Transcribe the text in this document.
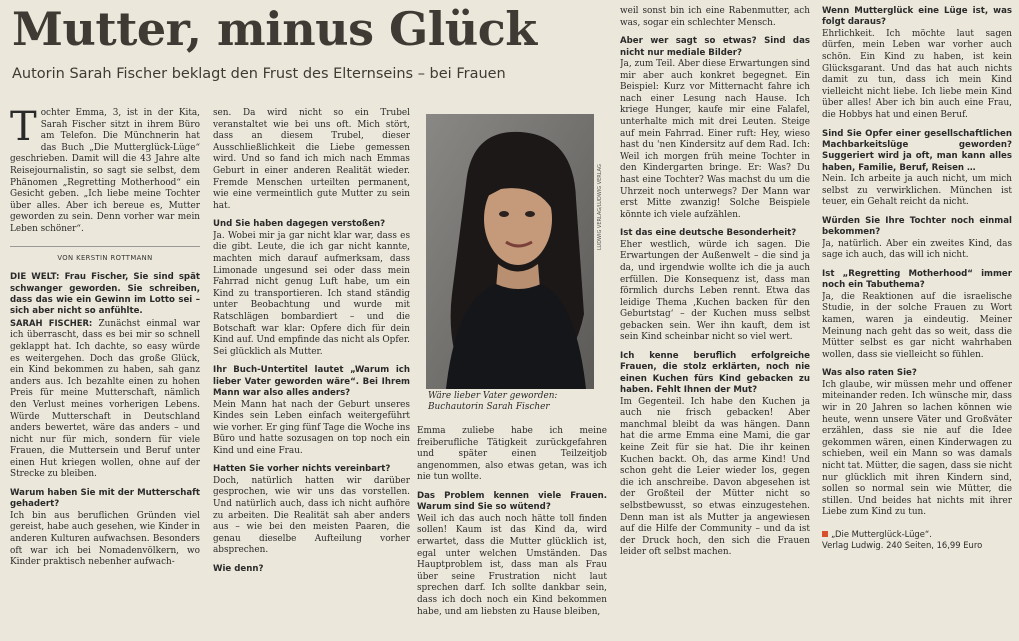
Mutter, minus Glück
Autorin Sarah Fischer beklagt den Frust des Elternseins – bei Frauen

Tochter Emma, 3, ist in der Kita, Sarah Fischer sitzt in ihrem Büro am Telefon. Die Münchnerin hat das Buch „Die Mutterglück-Lüge“ geschrieben. Damit will die 43 Jahre alte Reisejournalistin, so sagt sie selbst, dem Phänomen „Regretting Motherhood“ ein Gesicht geben. „Ich liebe meine Tochter über alles. Aber ich bereue es, Mutter geworden zu sein. Denn vorher war mein Leben schöner“.

VON KERSTIN ROTTMANN

DIE WELT: Frau Fischer, Sie sind spät schwanger geworden. Sie schreiben, dass das wie ein Gewinn im Lotto sei – sich aber nicht so anfühlte.

SARAH FISCHER: Zunächst einmal war ich überrascht, dass es bei mir so schnell geklappt hat. Ich dachte, so easy würde es weitergehen. Doch das große Glück, ein Kind bekommen zu haben, sah ganz anders aus. Ich bezahlte einen zu hohen Preis für meine Mutterschaft, nämlich den Verlust meines vorherigen Lebens. Würde Mutterschaft in Deutschland anders bewertet, wäre das anders – und nicht nur für mich, sondern für viele Frauen, die Muttersein und Beruf unter einen Hut kriegen wollen, ohne auf der Strecke zu bleiben.

Warum haben Sie mit der Mutterschaft gehadert?

Ich bin aus beruflichen Gründen viel gereist, habe auch gesehen, wie Kinder in anderen Kulturen aufwachsen. Besonders oft war ich bei Nomadenvölkern, wo Kinder praktisch nebenher aufwach-

sen. Da wird nicht so ein Trubel veranstaltet wie bei uns oft. Mich stört, dass an diesem Trubel, dieser Ausschließlichkeit die Liebe gemessen wird. Und so fand ich mich nach Emmas Geburt in einer anderen Realität wieder. Fremde Menschen urteilten permanent, wie eine vermeintlich gute Mutter zu sein hat.

Und Sie haben dagegen verstoßen?

Ja. Wobei mir ja gar nicht klar war, dass es die gibt. Leute, die ich gar nicht kannte, machten mich darauf aufmerksam, dass Limonade ungesund sei oder dass mein Fahrrad nicht genug Luft habe, um ein Kind zu transportieren. Ich stand ständig unter Beobachtung und wurde mit Ratschlägen bombardiert – und die Botschaft war klar: Opfere dich für dein Kind auf. Und empfinde das nicht als Opfer. Sei glücklich als Mutter.

Ihr Buch-Untertitel lautet „Warum ich lieber Vater geworden wäre“. Bei Ihrem Mann war also alles anders?

Mein Mann hat nach der Geburt unseres Kindes sein Leben einfach weitergeführt wie vorher. Er ging fünf Tage die Woche ins Büro und hatte sozusagen on top noch ein Kind und eine Frau.

Hatten Sie vorher nichts vereinbart?

Doch, natürlich hatten wir darüber gesprochen, wie wir uns das vorstellen. Und natürlich auch, dass ich nicht aufhöre zu arbeiten. Die Realität sah aber anders aus – wie bei den meisten Paaren, die genau dieselbe Aufteilung vorher absprechen.

Wie denn?

LUDWIG VERLAG/LUDWIG VERLAG
Wäre lieber Vater geworden: Buchautorin Sarah Fischer

Emma zuliebe habe ich meine freiberufliche Tätigkeit zurückgefahren und später einen Teilzeitjob angenommen, also etwas getan, was ich nie tun wollte.

Das Problem kennen viele Frauen. Warum sind Sie so wütend?

Weil ich das auch noch hätte toll finden sollen! Kaum ist das Kind da, wird erwartet, dass die Mutter glücklich ist, egal unter welchen Umständen. Das Hauptproblem ist, dass man als Frau über seine Frustration nicht laut sprechen darf. Ich sollte dankbar sein, dass ich doch noch ein Kind bekommen habe, und am liebsten zu Hause bleiben,

weil sonst bin ich eine Rabenmutter, ach was, sogar ein schlechter Mensch.

Aber wer sagt so etwas? Sind das nicht nur mediale Bilder?

Ja, zum Teil. Aber diese Erwartungen sind mir aber auch konkret begegnet. Ein Beispiel: Kurz vor Mitternacht fahre ich nach einer Lesung nach Hause. Ich kriege Hunger, kaufe mir eine Falafel, unterhalte mich mit drei Leuten. Steige auf mein Fahrrad. Einer ruft: Hey, wieso hast du 'nen Kindersitz auf dem Rad. Ich: Weil ich morgen früh meine Tochter in den Kindergarten bringe. Er: Was? Du hast eine Tochter? Was machst du um die Uhrzeit noch unterwegs? Der Mann war erst Mitte zwanzig! Solche Beispiele könnte ich viele aufzählen.

Ist das eine deutsche Besonderheit?

Eher westlich, würde ich sagen. Die Erwartungen der Außenwelt – die sind ja da, und irgendwie wollte ich die ja auch erfüllen. Die Konsequenz ist, dass man förmlich durchs Leben rennt. Etwa das leidige Thema ‚Kuchen backen für den Geburtstag‘ – der Kuchen muss selbst gebacken sein. Wer ihn kauft, dem ist sein Kind scheinbar nicht so viel wert.

Ich kenne beruflich erfolgreiche Frauen, die stolz erklärten, noch nie einen Kuchen fürs Kind gebacken zu haben. Fehlt Ihnen der Mut?

Im Gegenteil. Ich habe den Kuchen ja auch nie frisch gebacken! Aber manchmal bleibt da was hängen. Dann hat die arme Emma eine Mami, die gar keine Zeit für sie hat. Die ihr keinen Kuchen backt. Oh, das arme Kind! Und schon geht die Leier wieder los, gegen die ich anschreibe. Davon abgesehen ist der Großteil der Mütter nicht so selbstbewusst, so etwas einzugestehen. Denn man ist als Mutter ja angewiesen auf die Hilfe der Community – und da ist der Druck hoch, den sich die Frauen leider oft selbst machen.

Wenn Mutterglück eine Lüge ist, was folgt daraus?

Ehrlichkeit. Ich möchte laut sagen dürfen, mein Leben war vorher auch schön. Ein Kind zu haben, ist kein Glücksgarant. Und das hat auch nichts damit zu tun, dass ich mein Kind vielleicht nicht liebe. Ich liebe mein Kind über alles! Aber ich bin auch eine Frau, die Hobbys hat und einen Beruf.

Sind Sie Opfer einer gesellschaftlichen Machbarkeitslüge geworden? Suggeriert wird ja oft, man kann alles haben, Familie, Beruf, Reisen …

Nein. Ich arbeite ja auch nicht, um mich selbst zu verwirklichen. München ist teuer, ein Gehalt reicht da nicht.

Würden Sie Ihre Tochter noch einmal bekommen?

Ja, natürlich. Aber ein zweites Kind, das sage ich auch, das will ich nicht.

Ist „Regretting Motherhood“ immer noch ein Tabuthema?

Ja, die Reaktionen auf die israelische Studie, in der solche Frauen zu Wort kamen, waren ja eindeutig. Meiner Meinung nach geht das so weit, dass die Mütter selbst es gar nicht wahrhaben wollen, dass sie vielleicht so fühlen.

Was also raten Sie?

Ich glaube, wir müssen mehr und offener miteinander reden. Ich wünsche mir, dass wir in 20 Jahren so lachen können wie heute, wenn unsere Väter und Großväter erzählen, dass sie nie auf die Idee gekommen wären, einen Kinderwagen zu schieben, weil ein Mann so was damals nicht tat. Mütter, die sagen, dass sie nicht nur glücklich mit ihren Kindern sind, sollen so normal sein wie Mütter, die stillen. Und beides hat nichts mit ihrer Liebe zum Kind zu tun.

„Die Mutterglück-Lüge“.
Verlag Ludwig. 240 Seiten, 16,99 Euro
